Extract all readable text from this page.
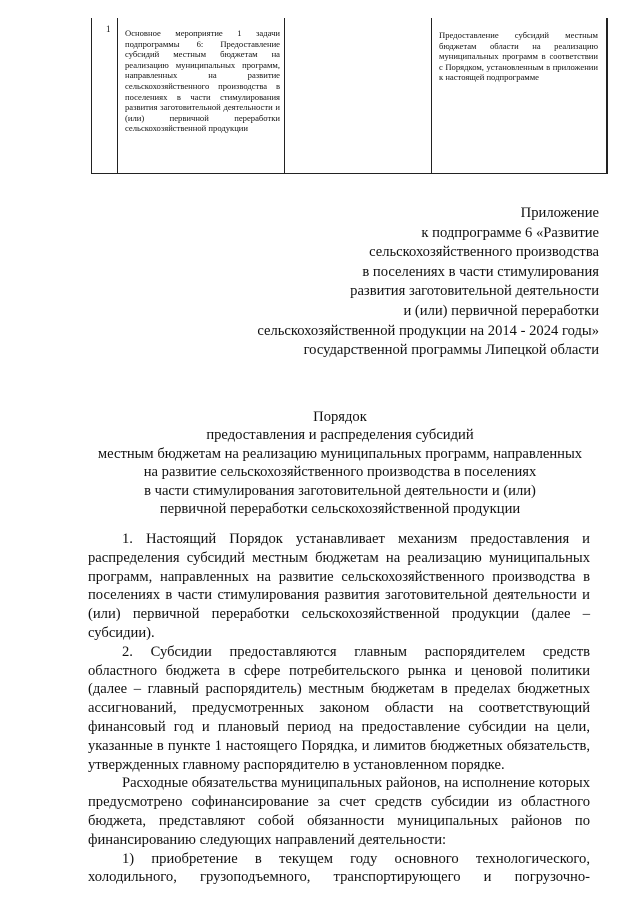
1 Основное мероприятие 1 задачи подпрограммы 6: Предоставление субсидий местным бюджетам на реализацию муниципальных программ, направленных на развитие сельскохозяйственного производства в поселениях в части стимулирования развития заготовительной деятельности и (или) первичной переработки сельскохозяйственной продукции
Предоставление субсидий местным бюджетам области на реализацию муниципальных программ в соответствии с Порядком, установленным в приложении к настоящей подпрограмме
Приложение
к подпрограмме 6 «Развитие
сельскохозяйственного производства
в поселениях в части стимулирования
развития заготовительной деятельности
и (или) первичной переработки
сельскохозяйственной продукции на 2014 - 2024 годы»
государственной программы Липецкой области
Порядок
предоставления и распределения субсидий
местным бюджетам на реализацию муниципальных программ, направленных
на развитие сельскохозяйственного производства в поселениях
в части стимулирования заготовительной деятельности и (или)
первичной переработки сельскохозяйственной продукции

1. Настоящий Порядок устанавливает механизм предоставления и распределения субсидий местным бюджетам на реализацию муниципальных программ, направленных на развитие сельскохозяйственного производства в поселениях в части стимулирования развития заготовительной деятельности и (или) первичной переработки сельскохозяйственной продукции (далее – субсидии).

2. Субсидии предоставляются главным распорядителем средств областного бюджета в сфере потребительского рынка и ценовой политики (далее – главный распорядитель) местным бюджетам в пределах бюджетных ассигнований, предусмотренных законом области на соответствующий финансовый год и плановый период на предоставление субсидии на цели, указанные в пункте 1 настоящего Порядка, и лимитов бюджетных обязательств, утвержденных главному распорядителю в установленном порядке.

Расходные обязательства муниципальных районов, на исполнение которых предусмотрено софинансирование за счет средств субсидии из областного бюджета, представляют собой обязанности муниципальных районов по финансированию следующих направлений деятельности:

1) приобретение в текущем году основного технологического, холодильного, грузоподъемного, транспортирующего и погрузочно-
